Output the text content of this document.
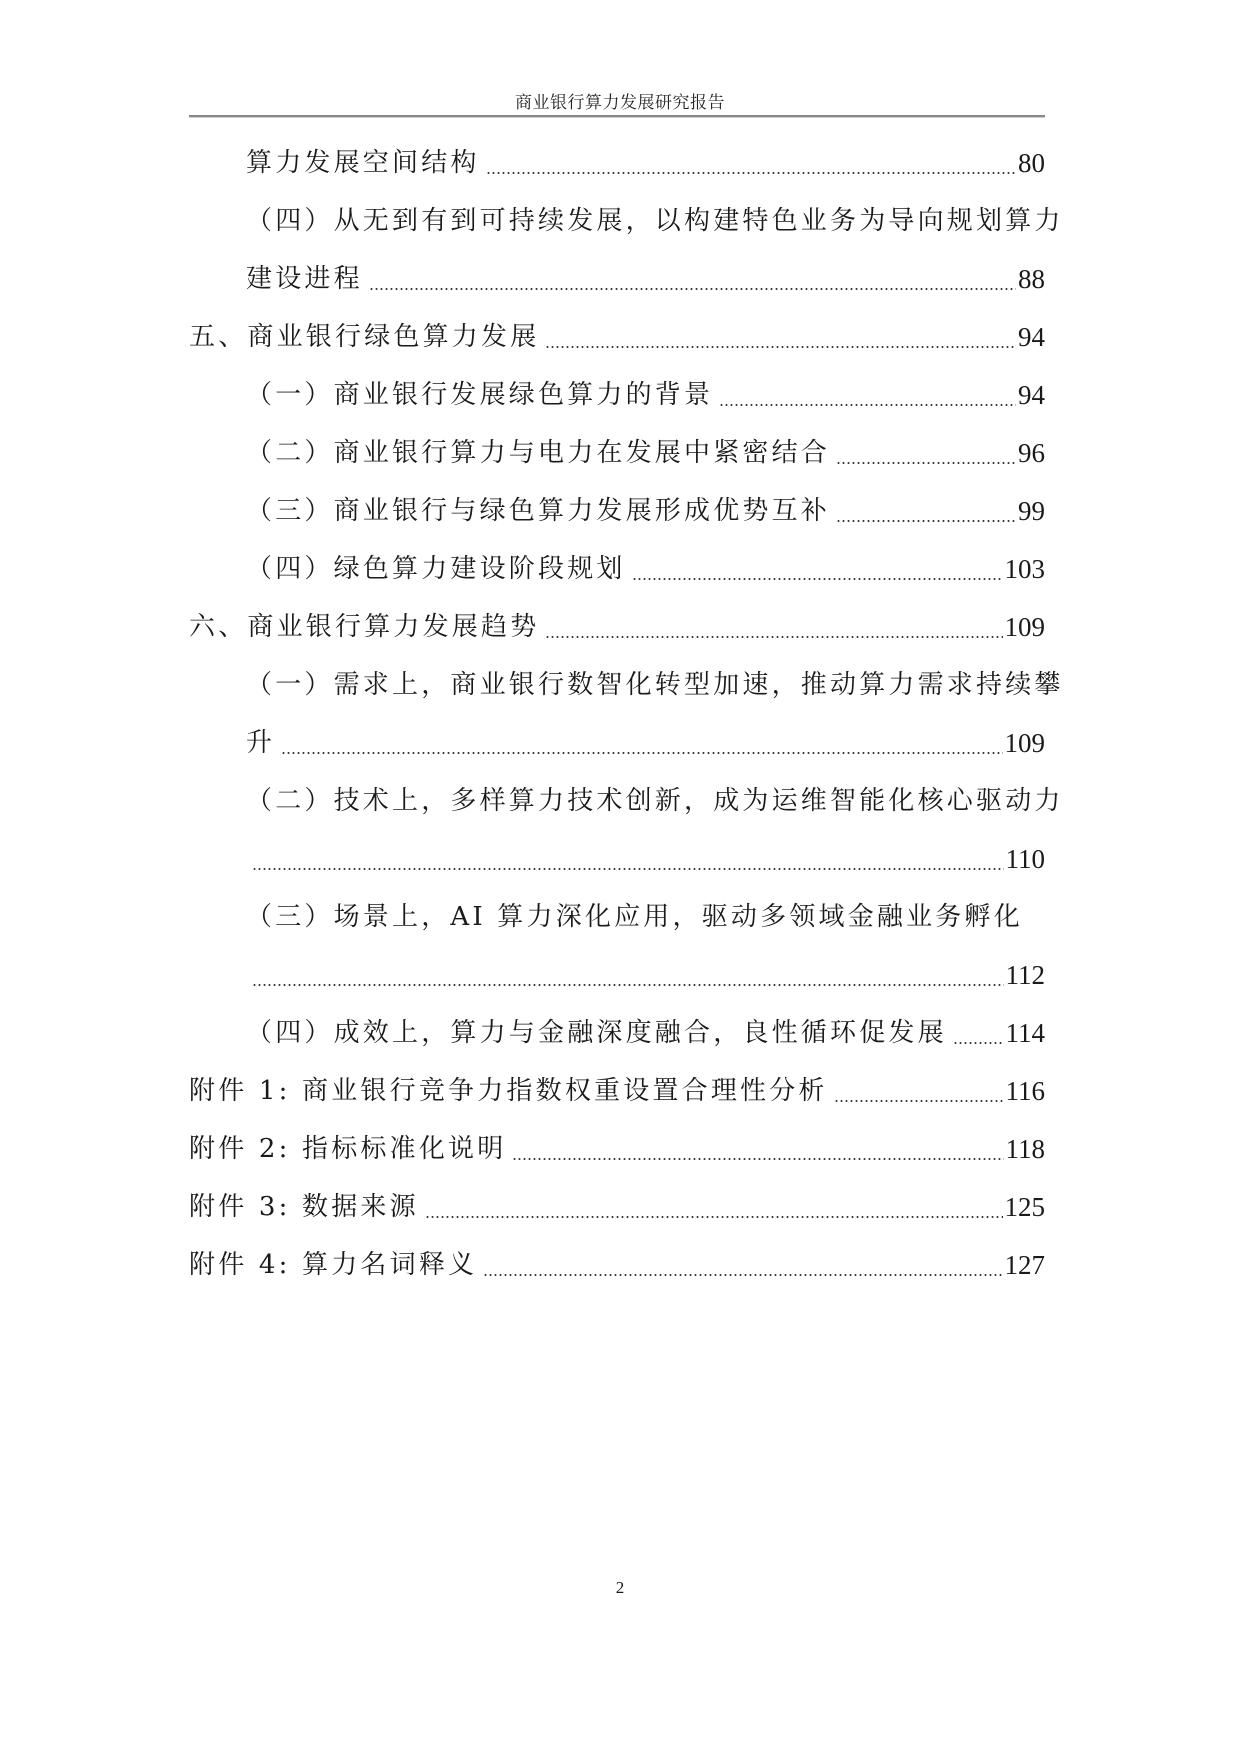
商业银行算力发展研究报告
算力发展空间结构	80
（四）从无到有到可持续发展，以构建特色业务为导向规划算力
建设进程	88
五、商业银行绿色算力发展	94
（一）商业银行发展绿色算力的背景	94
（二）商业银行算力与电力在发展中紧密结合	96
（三）商业银行与绿色算力发展形成优势互补	99
（四）绿色算力建设阶段规划	103
六、商业银行算力发展趋势	109
（一）需求上，商业银行数智化转型加速，推动算力需求持续攀
升	109
（二）技术上，多样算力技术创新，成为运维智能化核心驱动力
110
（三）场景上，AI 算力深化应用，驱动多领域金融业务孵化
112
（四）成效上，算力与金融深度融合，良性循环促发展 114
附件 1: 商业银行竞争力指数权重设置合理性分析	116
附件 2: 指标标准化说明	118
附件 3: 数据来源	125
附件 4: 算力名词释义	127
2
